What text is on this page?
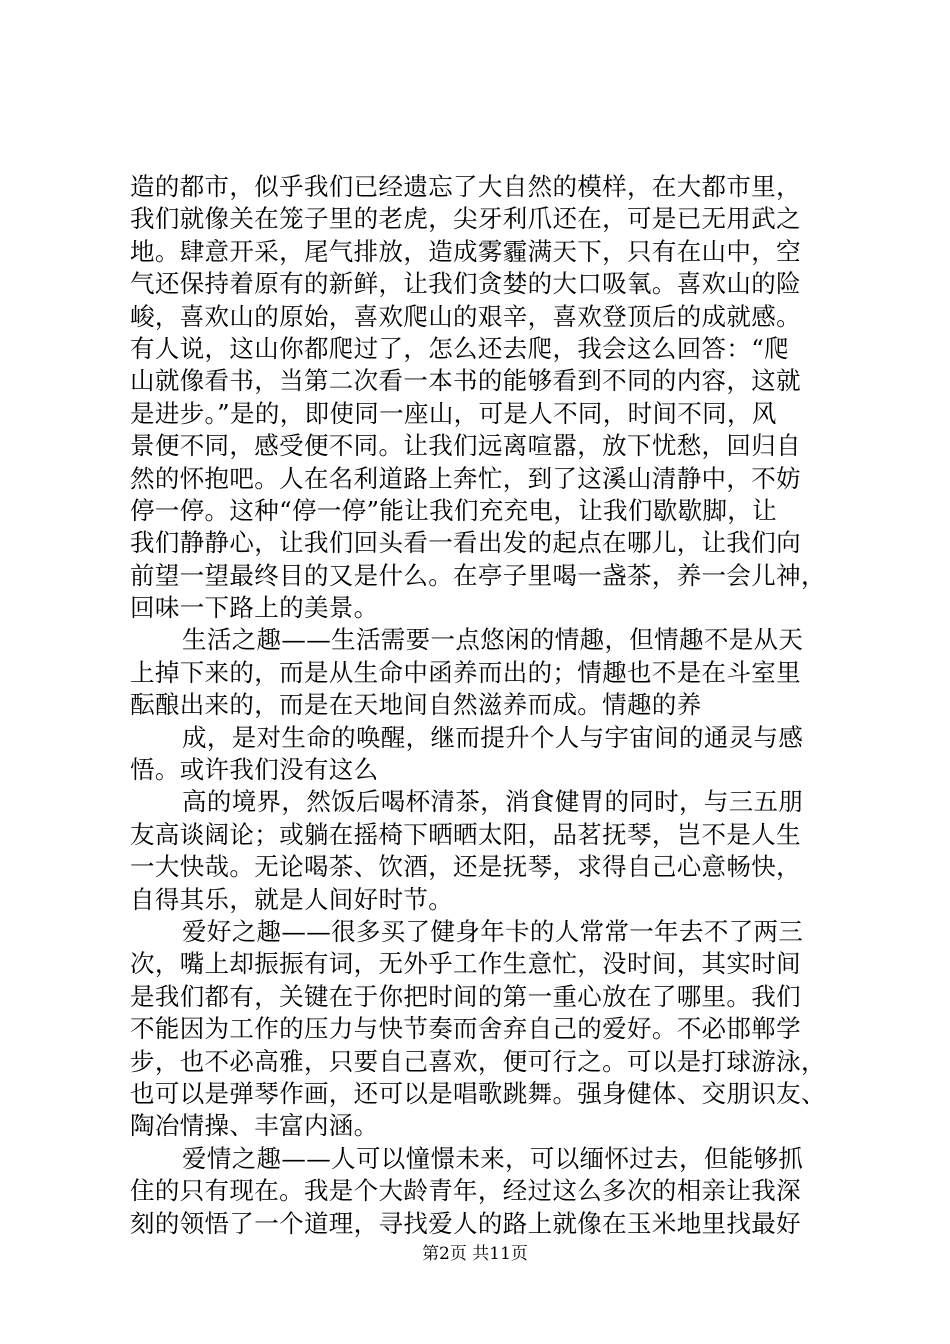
造的都市，似乎我们已经遗忘了大自然的模样，在大都市里，
我们就像关在笼子里的老虎，尖牙利爪还在，可是已无用武之
地。肆意开采，尾气排放，造成雾霾满天下，只有在山中，空
气还保持着原有的新鲜，让我们贪婪的大口吸氧。喜欢山的险
峻，喜欢山的原始，喜欢爬山的艰辛，喜欢登顶后的成就感。
有人说，这山你都爬过了，怎么还去爬，我会这么回答：“爬
山就像看书，当第二次看一本书的能够看到不同的内容，这就
是进步。”是的，即使同一座山，可是人不同，时间不同，风
景便不同，感受便不同。让我们远离喧嚣，放下忧愁，回归自
然的怀抱吧。人在名利道路上奔忙，到了这溪山清静中，不妨
停一停。这种“停一停”能让我们充充电，让我们歇歇脚，让
我们静静心，让我们回头看一看出发的起点在哪儿，让我们向
前望一望最终目的又是什么。在亭子里喝一盏茶，养一会儿神，
回味一下路上的美景。
生活之趣——生活需要一点悠闲的情趣，但情趣不是从天
上掉下来的，而是从生命中函养而出的；情趣也不是在斗室里
酝酿出来的，而是在天地间自然滋养而成。情趣的养
成，是对生命的唤醒，继而提升个人与宇宙间的通灵与感
悟。或许我们没有这么
高的境界，然饭后喝杯清茶，消食健胃的同时，与三五朋
友高谈阔论；或躺在摇椅下晒晒太阳，品茗抚琴，岂不是人生
一大快哉。无论喝茶、饮酒，还是抚琴，求得自己心意畅快，
自得其乐，就是人间好时节。
爱好之趣——很多买了健身年卡的人常常一年去不了两三
次，嘴上却振振有词，无外乎工作生意忙，没时间，其实时间
是我们都有，关键在于你把时间的第一重心放在了哪里。我们
不能因为工作的压力与快节奏而舍弃自己的爱好。不必邯郸学
步，也不必高雅，只要自己喜欢，便可行之。可以是打球游泳，
也可以是弹琴作画，还可以是唱歌跳舞。强身健体、交朋识友、
陶冶情操、丰富内涵。
爱情之趣——人可以憧憬未来，可以缅怀过去，但能够抓
住的只有现在。我是个大龄青年，经过这么多次的相亲让我深
刻的领悟了一个道理，寻找爱人的路上就像在玉米地里找最好
第2页 共11页
